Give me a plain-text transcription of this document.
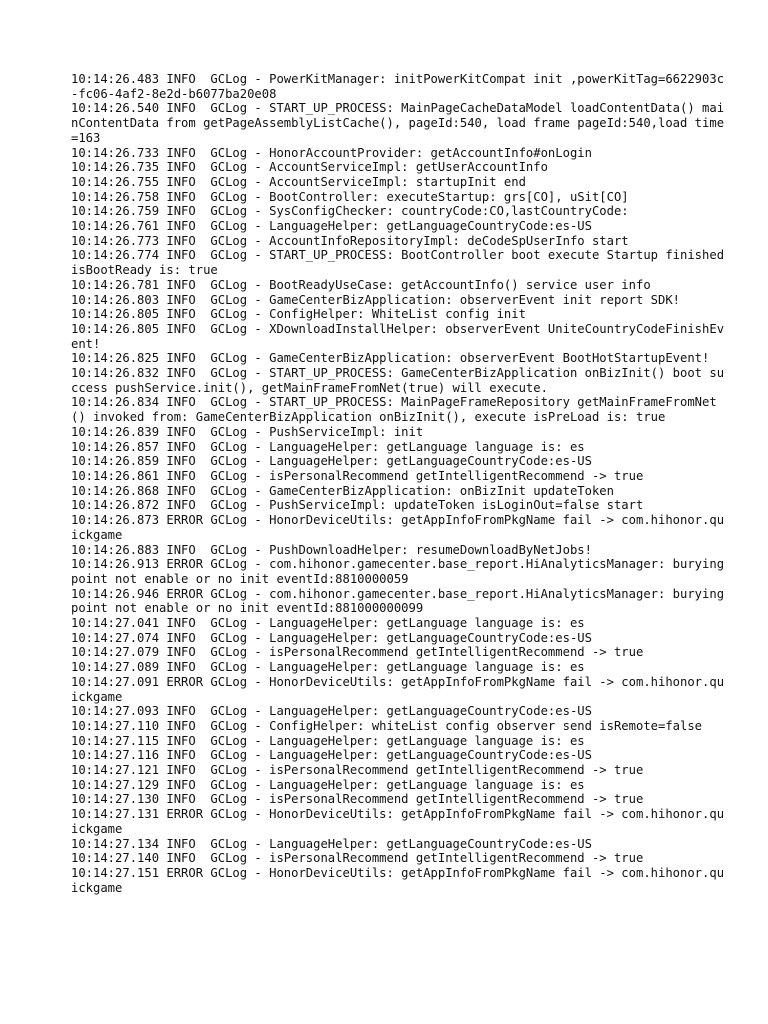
10:14:26.483 INFO  GCLog - PowerKitManager: initPowerKitCompat init ,powerKitTag=6622903c-fc06-4af2-8e2d-b6077ba20e08
10:14:26.540 INFO  GCLog - START_UP_PROCESS: MainPageCacheDataModel loadContentData() mainContentData from getPageAssemblyListCache(), pageId:540, load frame pageId:540,load time=163
10:14:26.733 INFO  GCLog - HonorAccountProvider: getAccountInfo#onLogin
10:14:26.735 INFO  GCLog - AccountServiceImpl: getUserAccountInfo
10:14:26.755 INFO  GCLog - AccountServiceImpl: startupInit end
10:14:26.758 INFO  GCLog - BootController: executeStartup: grs[CO], uSit[CO]
10:14:26.759 INFO  GCLog - SysConfigChecker: countryCode:CO,lastCountryCode:
10:14:26.761 INFO  GCLog - LanguageHelper: getLanguageCountryCode:es-US
10:14:26.773 INFO  GCLog - AccountInfoRepositoryImpl: deCodeSpUserInfo start
10:14:26.774 INFO  GCLog - START_UP_PROCESS: BootController boot execute Startup finished isBootReady is: true
10:14:26.781 INFO  GCLog - BootReadyUseCase: getAccountInfo() service user info
10:14:26.803 INFO  GCLog - GameCenterBizApplication: observerEvent init report SDK!
10:14:26.805 INFO  GCLog - ConfigHelper: WhiteList config init
10:14:26.805 INFO  GCLog - XDownloadInstallHelper: observerEvent UniteCountryCodeFinishEvent!
10:14:26.825 INFO  GCLog - GameCenterBizApplication: observerEvent BootHotStartupEvent!
10:14:26.832 INFO  GCLog - START_UP_PROCESS: GameCenterBizApplication onBizInit() boot success pushService.init(), getMainFrameFromNet(true) will execute.
10:14:26.834 INFO  GCLog - START_UP_PROCESS: MainPageFrameRepository getMainFrameFromNet() invoked from: GameCenterBizApplication onBizInit(), execute isPreLoad is: true
10:14:26.839 INFO  GCLog - PushServiceImpl: init
10:14:26.857 INFO  GCLog - LanguageHelper: getLanguage language is: es
10:14:26.859 INFO  GCLog - LanguageHelper: getLanguageCountryCode:es-US
10:14:26.861 INFO  GCLog - isPersonalRecommend getIntelligentRecommend -> true
10:14:26.868 INFO  GCLog - GameCenterBizApplication: onBizInit updateToken
10:14:26.872 INFO  GCLog - PushServiceImpl: updateToken isLoginOut=false start
10:14:26.873 ERROR GCLog - HonorDeviceUtils: getAppInfoFromPkgName fail -> com.hihonor.quickgame
10:14:26.883 INFO  GCLog - PushDownloadHelper: resumeDownloadByNetJobs!
10:14:26.913 ERROR GCLog - com.hihonor.gamecenter.base_report.HiAnalyticsManager: burying point not enable or no init eventId:8810000059
10:14:26.946 ERROR GCLog - com.hihonor.gamecenter.base_report.HiAnalyticsManager: burying point not enable or no init eventId:881000000099
10:14:27.041 INFO  GCLog - LanguageHelper: getLanguage language is: es
10:14:27.074 INFO  GCLog - LanguageHelper: getLanguageCountryCode:es-US
10:14:27.079 INFO  GCLog - isPersonalRecommend getIntelligentRecommend -> true
10:14:27.089 INFO  GCLog - LanguageHelper: getLanguage language is: es
10:14:27.091 ERROR GCLog - HonorDeviceUtils: getAppInfoFromPkgName fail -> com.hihonor.quickgame
10:14:27.093 INFO  GCLog - LanguageHelper: getLanguageCountryCode:es-US
10:14:27.110 INFO  GCLog - ConfigHelper: whiteList config observer send isRemote=false
10:14:27.115 INFO  GCLog - LanguageHelper: getLanguage language is: es
10:14:27.116 INFO  GCLog - LanguageHelper: getLanguageCountryCode:es-US
10:14:27.121 INFO  GCLog - isPersonalRecommend getIntelligentRecommend -> true
10:14:27.129 INFO  GCLog - LanguageHelper: getLanguage language is: es
10:14:27.130 INFO  GCLog - isPersonalRecommend getIntelligentRecommend -> true
10:14:27.131 ERROR GCLog - HonorDeviceUtils: getAppInfoFromPkgName fail -> com.hihonor.quickgame
10:14:27.134 INFO  GCLog - LanguageHelper: getLanguageCountryCode:es-US
10:14:27.140 INFO  GCLog - isPersonalRecommend getIntelligentRecommend -> true
10:14:27.151 ERROR GCLog - HonorDeviceUtils: getAppInfoFromPkgName fail -> com.hihonor.quickgame
